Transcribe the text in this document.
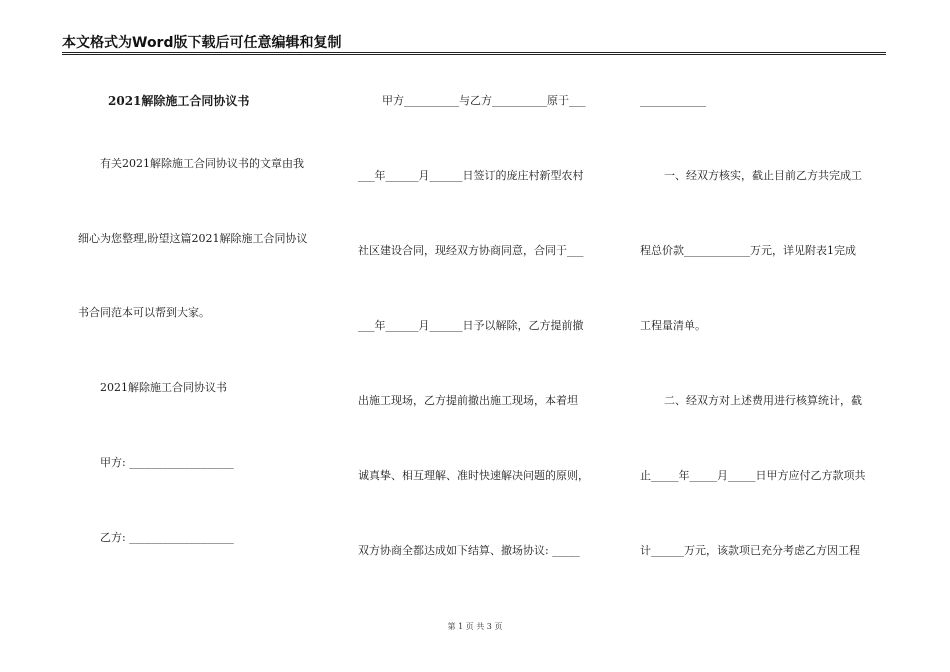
本文格式为Word版下载后可任意编辑和复制
2021解除施工合同协议书
有关2021解除施工合同协议书的文章由我
细心为您整理,盼望这篇2021解除施工合同协议
书合同范本可以帮到大家。
2021解除施工合同协议书
甲方: ___________________
乙方: ___________________
甲方__________与乙方__________原于___
___年______月______日签订的庞庄村新型农村
社区建设合同，现经双方协商同意，合同于___
___年______月______日予以解除，乙方提前撤
出施工现场，乙方提前撤出施工现场，本着坦
诚真挚、相互理解、准时快速解决问题的原则，
双方协商全都达成如下结算、撤场协议: _____
____________
一、经双方核实，截止目前乙方共完成工
程总价款____________万元，详见附表1完成
工程量清单。
二、经双方对上述费用进行核算统计，截
止_____年_____月_____日甲方应付乙方款项共
计______万元，该款项已充分考虑乙方因工程
第 1 页 共 3 页
